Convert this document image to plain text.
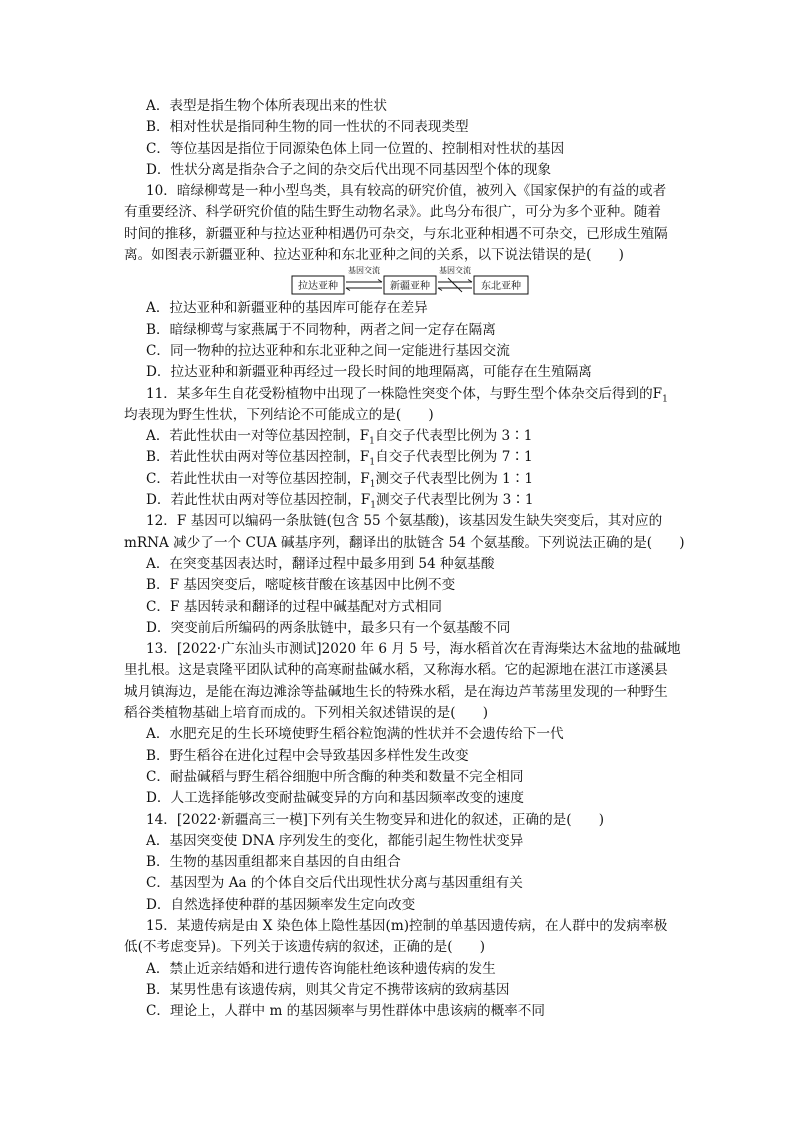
A．表型是指生物个体所表现出来的性状
B．相对性状是指同种生物的同一性状的不同表现类型
C．等位基因是指位于同源染色体上同一位置的、控制相对性状的基因
D．性状分离是指杂合子之间的杂交后代出现不同基因型个体的现象
10．暗绿柳莺是一种小型鸟类，具有较高的研究价值，被列入《国家保护的有益的或者
有重要经济、科学研究价值的陆生野生动物名录》。此鸟分布很广，可分为多个亚种。随着
时间的推移，新疆亚种与拉达亚种相遇仍可杂交，与东北亚种相遇不可杂交，已形成生殖隔
离。如图表示新疆亚种、拉达亚种和东北亚种之间的关系，以下说法错误的是(　　)
拉达亚种	新疆亚种	东北亚种
基因交流	基因交流
A．拉达亚种和新疆亚种的基因库可能存在差异
B．暗绿柳莺与家燕属于不同物种，两者之间一定存在隔离
C．同一物种的拉达亚种和东北亚种之间一定能进行基因交流
D．拉达亚种和新疆亚种再经过一段长时间的地理隔离，可能存在生殖隔离
11．某多年生自花受粉植物中出现了一株隐性突变个体，与野生型个体杂交后得到的$F_1$
均表现为野生性状，下列结论不可能成立的是(　　)
A．若此性状由一对等位基因控制，$F_1$自交子代表型比例为 3∶1
B．若此性状由两对等位基因控制，$F_1$自交子代表型比例为 7∶1
C．若此性状由一对等位基因控制，$F_1$测交子代表型比例为 1∶1
D．若此性状由两对等位基因控制，$F_1$测交子代表型比例为 3∶1
12．F 基因可以编码一条肽链(包含 55 个氨基酸)，该基因发生缺失突变后，其对应的
mRNA 减少了一个 CUA 碱基序列，翻译出的肽链含 54 个氨基酸。下列说法正确的是(　　)
A．在突变基因表达时，翻译过程中最多用到 54 种氨基酸
B．F 基因突变后，嘧啶核苷酸在该基因中比例不变
C．F 基因转录和翻译的过程中碱基配对方式相同
D．突变前后所编码的两条肽链中，最多只有一个氨基酸不同
13．[2022·广东汕头市测试]2020 年 6 月 5 号，海水稻首次在青海柴达木盆地的盐碱地
里扎根。这是袁隆平团队试种的高寒耐盐碱水稻，又称海水稻。它的起源地在湛江市遂溪县
城月镇海边，是能在海边滩涂等盐碱地生长的特殊水稻，是在海边芦苇荡里发现的一种野生
稻谷类植物基础上培育而成的。下列相关叙述错误的是(　　)
A．水肥充足的生长环境使野生稻谷粒饱满的性状并不会遗传给下一代
B．野生稻谷在进化过程中会导致基因多样性发生改变
C．耐盐碱稻与野生稻谷细胞中所含酶的种类和数量不完全相同
D．人工选择能够改变耐盐碱变异的方向和基因频率改变的速度
14．[2022·新疆高三一模]下列有关生物变异和进化的叙述，正确的是(　　)
A．基因突变使 DNA 序列发生的变化，都能引起生物性状变异
B．生物的基因重组都来自基因的自由组合
C．基因型为 Aa 的个体自交后代出现性状分离与基因重组有关
D．自然选择使种群的基因频率发生定向改变
15．某遗传病是由 X 染色体上隐性基因(m)控制的单基因遗传病，在人群中的发病率极
低(不考虑变异)。下列关于该遗传病的叙述，正确的是(　　)
A．禁止近亲结婚和进行遗传咨询能杜绝该种遗传病的发生
B．某男性患有该遗传病，则其父肯定不携带该病的致病基因
C．理论上，人群中 m 的基因频率与男性群体中患该病的概率不同
